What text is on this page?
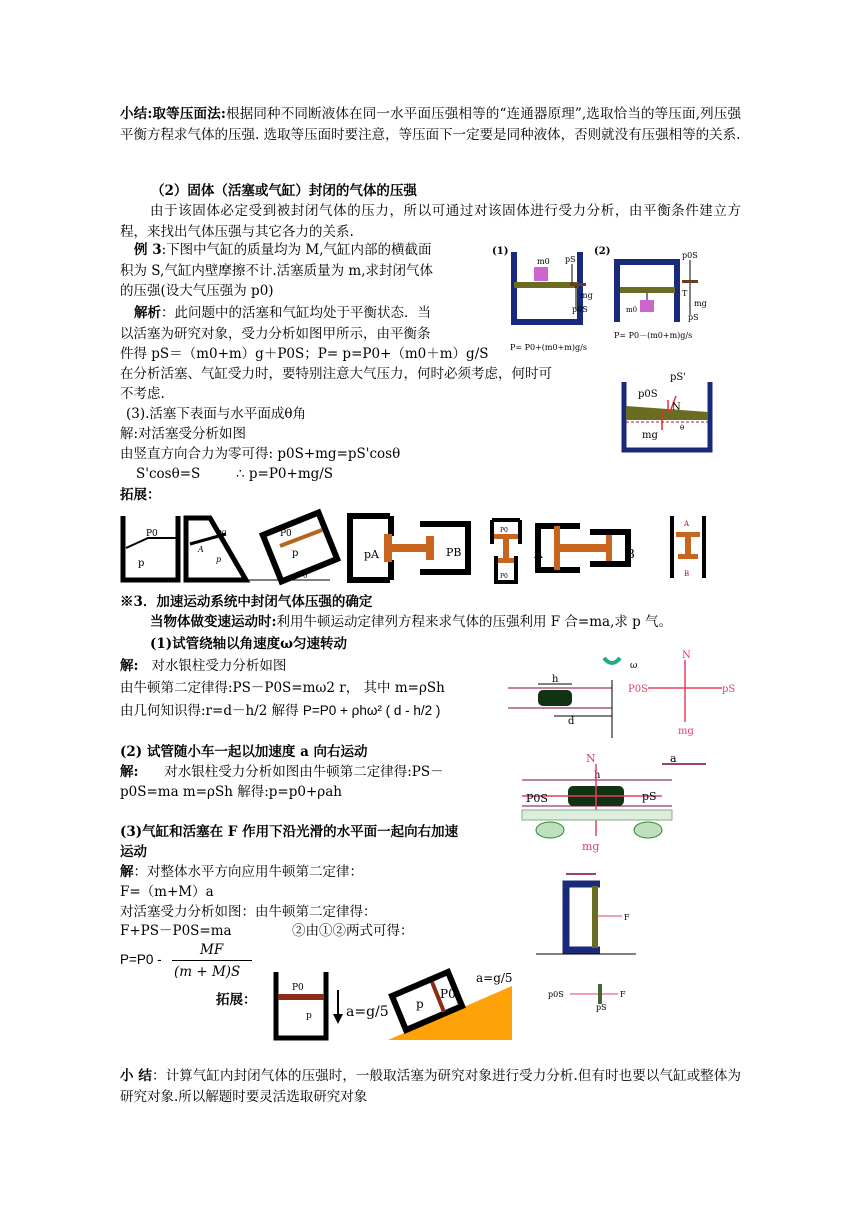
小结:取等压面法:根据同种不同断液体在同一水平面压强相等的“连通器原理”,选取恰当的等压面,列压强平衡方程求气体的压强. 选取等压面时要注意，等压面下一定要是同种液体，否则就没有压强相等的关系.
（2）固体（活塞或气缸）封闭的气体的压强
由于该固体必定受到被封闭气体的压力，所以可通过对该固体进行受力分析，由平衡条件建立方程，来找出气体压强与其它各力的关系.
例 3:下图中气缸的质量均为 M,气缸内部的横截面
积为 S,气缸内壁摩擦不计.活塞质量为 m,求封闭气体
的压强(设大气压强为 p0)
解析：此问题中的活塞和气缸均处于平衡状态．当
以活塞为研究对象，受力分析如图甲所示，由平衡条
件得 pS＝（m0+m）g＋P0S；P= p=P0+（m0＋m）g/S
在分析活塞、气缸受力时，要特别注意大气压力，何时必须考虑，何时可
不考虑.
(3).活塞下表面与水平面成θ角
解:对活塞受分析如图
由竖直方向合力为零可得: p0S+mg=pS'cosθ
S'cosθ=S	∴ p=P0+mg/S
拓展：
(1)	(2)
m0 pS
mg
p0S
P= P0+(m0+m)g/s
m0
p0S
T
mg
pS
P= P0－(m0+m)g/s
pS'
p0S
N
mg
θ
P0
p
P0
A
p
P0
p
0
pA	PB
P0
P0
A	B
A
B
※3．加速运动系统中封闭气体压强的确定
当物体做变速运动时:利用牛顿运动定律列方程来求气体的压强利用 F 合=ma,求 p 气。
(1)试管绕轴以角速度ω匀速转动
解: 对水银柱受力分析如图
由牛顿第二定律得:PS－P0S=mω2 r， 其中 m=ρSh
由几何知识得:r=d－h/2 解得 P=P0 + ρhω² ( d - h/2 )
(2) 试管随小车一起以加速度 a 向右运动
解: 对水银柱受力分析如图由牛顿第二定律得:PS－
p0S=ma m=ρSh 解得:p=p0+ρah
(3)气缸和活塞在 F 作用下沿光滑的水平面一起向右加速
运动
解：对整体水平方向应用牛顿第二定律：
F=（m+M）a
对活塞受力分析如图：由牛顿第二定律得：
F+PS－P0S=ma	②由①②两式可得：
P=P0 -
MF
(m + M)S
拓展：
h
d
ω
N
P0S	pS
mg
N	a
h
P0S	pS
mg
F
p0S
pS
F
P0
p a=g/5 p
P0
a=g/5
小 结：计算气缸内封闭气体的压强时，一般取活塞为研究对象进行受力分析.但有时也要以气缸或整体为研究对象.所以解题时要灵活选取研究对象
